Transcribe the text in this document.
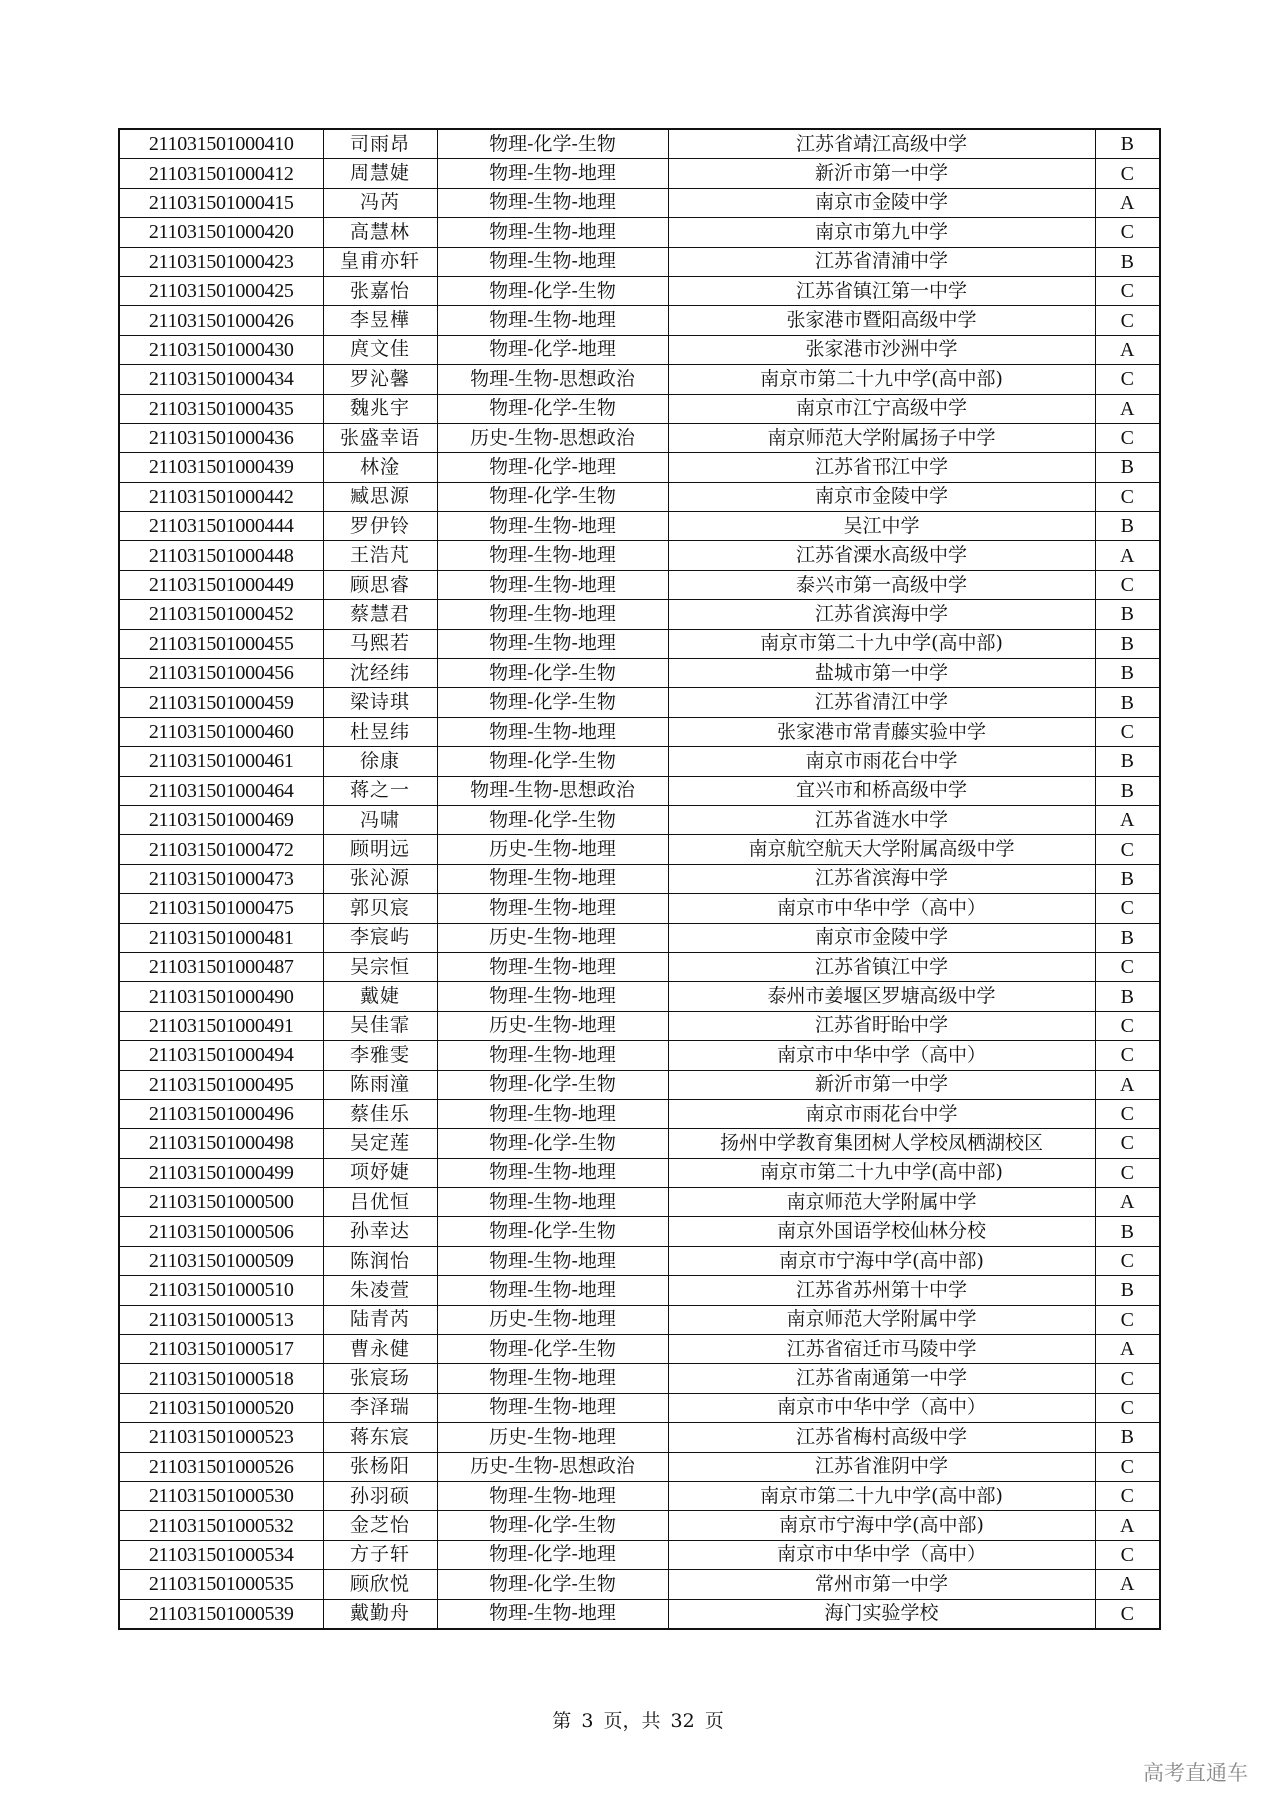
211031501000410	司雨昂	物理-化学-生物	江苏省靖江高级中学	B
211031501000412	周慧婕	物理-生物-地理	新沂市第一中学	C
211031501000415	冯芮	物理-生物-地理	南京市金陵中学	A
211031501000420	高慧林	物理-生物-地理	南京市第九中学	C
211031501000423	皇甫亦轩	物理-生物-地理	江苏省清浦中学	B
211031501000425	张嘉怡	物理-化学-生物	江苏省镇江第一中学	C
211031501000426	李昱樺	物理-生物-地理	张家港市暨阳高级中学	C
211031501000430	庹文佳	物理-化学-地理	张家港市沙洲中学	A
211031501000434	罗沁馨	物理-生物-思想政治	南京市第二十九中学(高中部)	C
211031501000435	魏兆宇	物理-化学-生物	南京市江宁高级中学	A
211031501000436	张盛幸语	历史-生物-思想政治	南京师范大学附属扬子中学	C
211031501000439	林淦	物理-化学-地理	江苏省邗江中学	B
211031501000442	臧思源	物理-化学-生物	南京市金陵中学	C
211031501000444	罗伊铃	物理-生物-地理	吴江中学	B
211031501000448	王浩芃	物理-生物-地理	江苏省溧水高级中学	A
211031501000449	顾思睿	物理-生物-地理	泰兴市第一高级中学	C
211031501000452	蔡慧君	物理-生物-地理	江苏省滨海中学	B
211031501000455	马熙若	物理-生物-地理	南京市第二十九中学(高中部)	B
211031501000456	沈经纬	物理-化学-生物	盐城市第一中学	B
211031501000459	梁诗琪	物理-化学-生物	江苏省清江中学	B
211031501000460	杜昱纬	物理-生物-地理	张家港市常青藤实验中学	C
211031501000461	徐康	物理-化学-生物	南京市雨花台中学	B
211031501000464	蒋之一	物理-生物-思想政治	宜兴市和桥高级中学	B
211031501000469	冯啸	物理-化学-生物	江苏省涟水中学	A
211031501000472	顾明远	历史-生物-地理	南京航空航天大学附属高级中学	C
211031501000473	张沁源	物理-生物-地理	江苏省滨海中学	B
211031501000475	郭贝宸	物理-生物-地理	南京市中华中学（高中）	C
211031501000481	李宸屿	历史-生物-地理	南京市金陵中学	B
211031501000487	吴宗恒	物理-生物-地理	江苏省镇江中学	C
211031501000490	戴婕	物理-生物-地理	泰州市姜堰区罗塘高级中学	B
211031501000491	吴佳霏	历史-生物-地理	江苏省盱眙中学	C
211031501000494	李雅雯	物理-生物-地理	南京市中华中学（高中）	C
211031501000495	陈雨潼	物理-化学-生物	新沂市第一中学	A
211031501000496	蔡佳乐	物理-生物-地理	南京市雨花台中学	C
211031501000498	吴定莲	物理-化学-生物	扬州中学教育集团树人学校凤栖湖校区	C
211031501000499	项妤婕	物理-生物-地理	南京市第二十九中学(高中部)	C
211031501000500	吕优恒	物理-生物-地理	南京师范大学附属中学	A
211031501000506	孙幸达	物理-化学-生物	南京外国语学校仙林分校	B
211031501000509	陈润怡	物理-生物-地理	南京市宁海中学(高中部)	C
211031501000510	朱凌萱	物理-生物-地理	江苏省苏州第十中学	B
211031501000513	陆青芮	历史-生物-地理	南京师范大学附属中学	C
211031501000517	曹永健	物理-化学-生物	江苏省宿迁市马陵中学	A
211031501000518	张宸玚	物理-生物-地理	江苏省南通第一中学	C
211031501000520	李泽瑞	物理-生物-地理	南京市中华中学（高中）	C
211031501000523	蒋东宸	历史-生物-地理	江苏省梅村高级中学	B
211031501000526	张杨阳	历史-生物-思想政治	江苏省淮阴中学	C
211031501000530	孙羽硕	物理-生物-地理	南京市第二十九中学(高中部)	C
211031501000532	金芝怡	物理-化学-生物	南京市宁海中学(高中部)	A
211031501000534	方子轩	物理-化学-地理	南京市中华中学（高中）	C
211031501000535	顾欣悦	物理-化学-生物	常州市第一中学	A
211031501000539	戴勤舟	物理-生物-地理	海门实验学校	C
第 3 页，共 32 页
高考直通车
